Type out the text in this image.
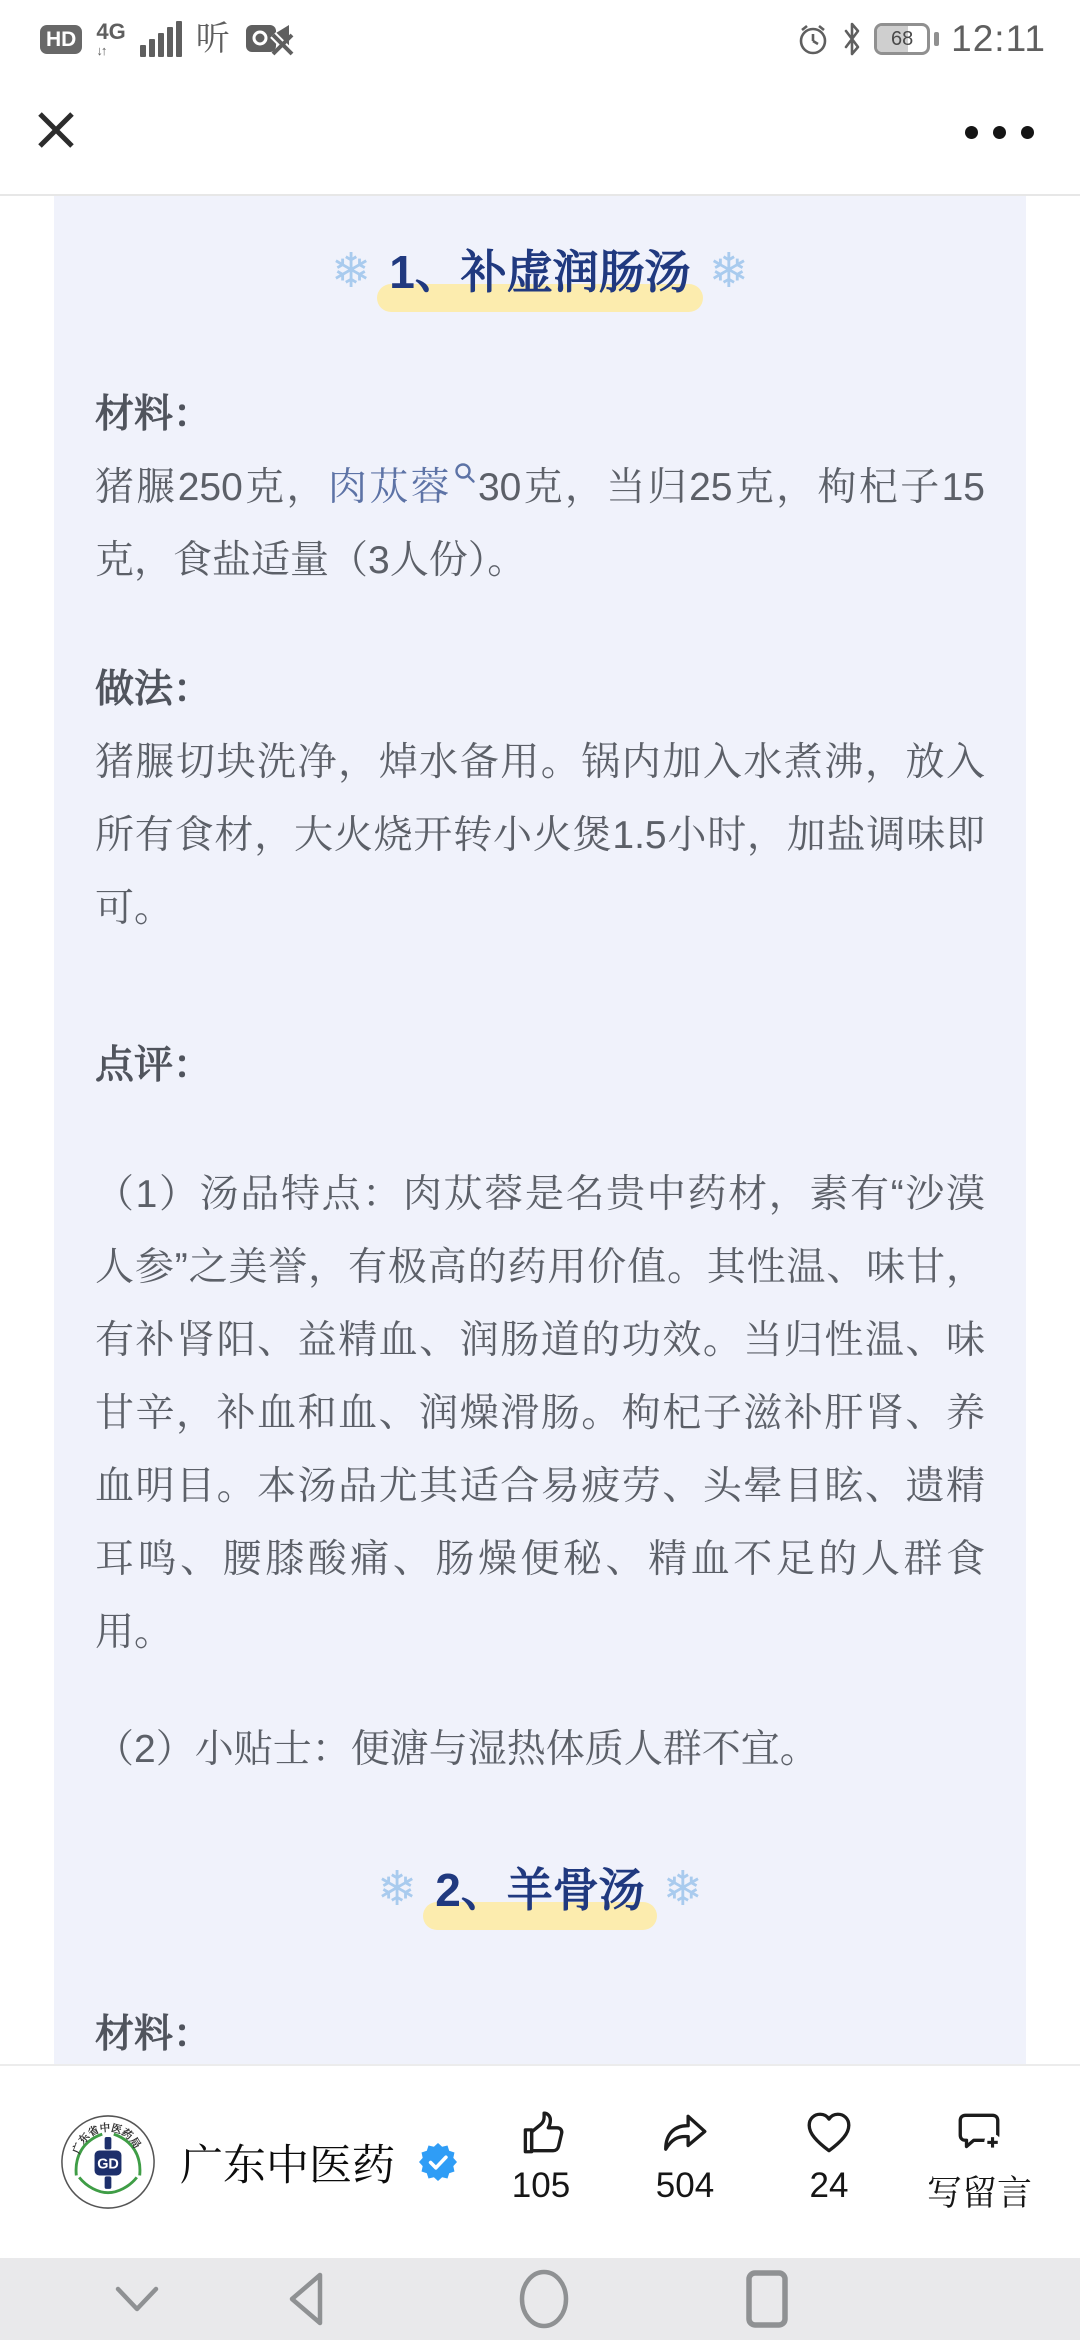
HD 4G
↓↑	听	68	12:11
❄ 1、补虚润肠汤 ❄
材料：
猪𦟌250克，肉苁蓉 30克，当归25克，枸杞子15克，食盐适量（3人份）。
做法：
猪𦟌切块洗净，焯水备用。锅内加入水煮沸，放入所有食材，大火烧开转小火煲1.5小时，加盐调味即可。
点评：
（1）汤品特点：肉苁蓉是名贵中药材，素有“沙漠人参”之美誉，有极高的药用价值。其性温、味甘，有补肾阳、益精血、润肠道的功效。当归性温、味甘辛，补血和血、润燥滑肠。枸杞子滋补肝肾、养血明目。本汤品尤其适合易疲劳、头晕目眩、遗精耳鸣、腰膝酸痛、肠燥便秘、精血不足的人群食用。
（2）小贴士：便溏与湿热体质人群不宜。
❄ 2、羊骨汤 ❄
材料：
广东省中医药局
GD 广东中医药	105 504	24 写留言
